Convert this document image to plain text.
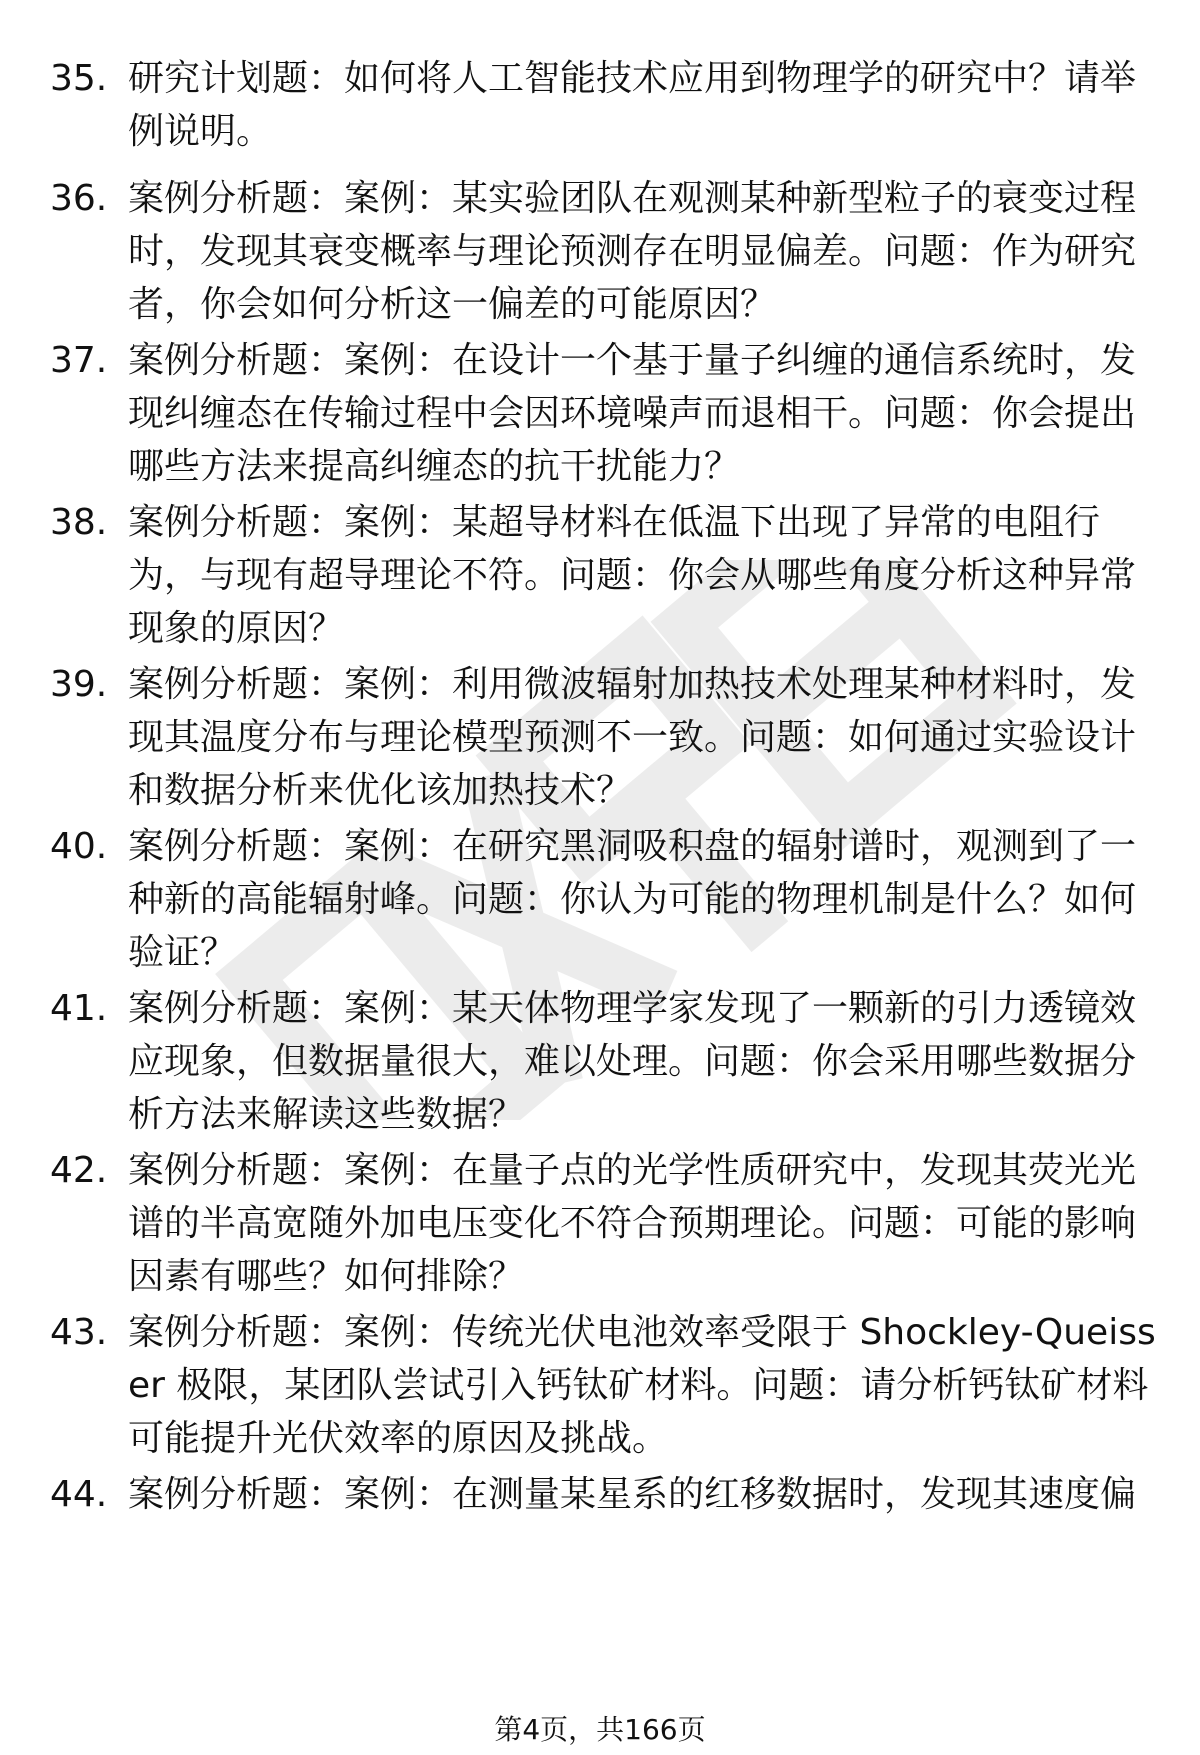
35. 研究计划题：如何将人工智能技术应用到物理学的研究中？请举例说明。
36. 案例分析题：案例：某实验团队在观测某种新型粒子的衰变过程时，发现其衰变概率与理论预测存在明显偏差。问题：作为研究者，你会如何分析这一偏差的可能原因？
37. 案例分析题：案例：在设计一个基于量子纠缠的通信系统时，发现纠缠态在传输过程中会因环境噪声而退相干。问题：你会提出哪些方法来提高纠缠态的抗干扰能力？
38. 案例分析题：案例：某超导材料在低温下出现了异常的电阻行为，与现有超导理论不符。问题：你会从哪些角度分析这种异常现象的原因？
39. 案例分析题：案例：利用微波辐射加热技术处理某种材料时，发现其温度分布与理论模型预测不一致。问题：如何通过实验设计和数据分析来优化该加热技术？
40. 案例分析题：案例：在研究黑洞吸积盘的辐射谱时，观测到了一种新的高能辐射峰。问题：你认为可能的物理机制是什么？如何验证？
41. 案例分析题：案例：某天体物理学家发现了一颗新的引力透镜效应现象，但数据量很大，难以处理。问题：你会采用哪些数据分析方法来解读这些数据？
42. 案例分析题：案例：在量子点的光学性质研究中，发现其荧光光谱的半高宽随外加电压变化不符合预期理论。问题：可能的影响因素有哪些？如何排除？
43. 案例分析题：案例：传统光伏电池效率受限于 Shockley-Queisser 极限，某团队尝试引入钙钛矿材料。问题：请分析钙钛矿材料可能提升光伏效率的原因及挑战。
44. 案例分析题：案例：在测量某星系的红移数据时，发现其速度偏
第4页，共166页
